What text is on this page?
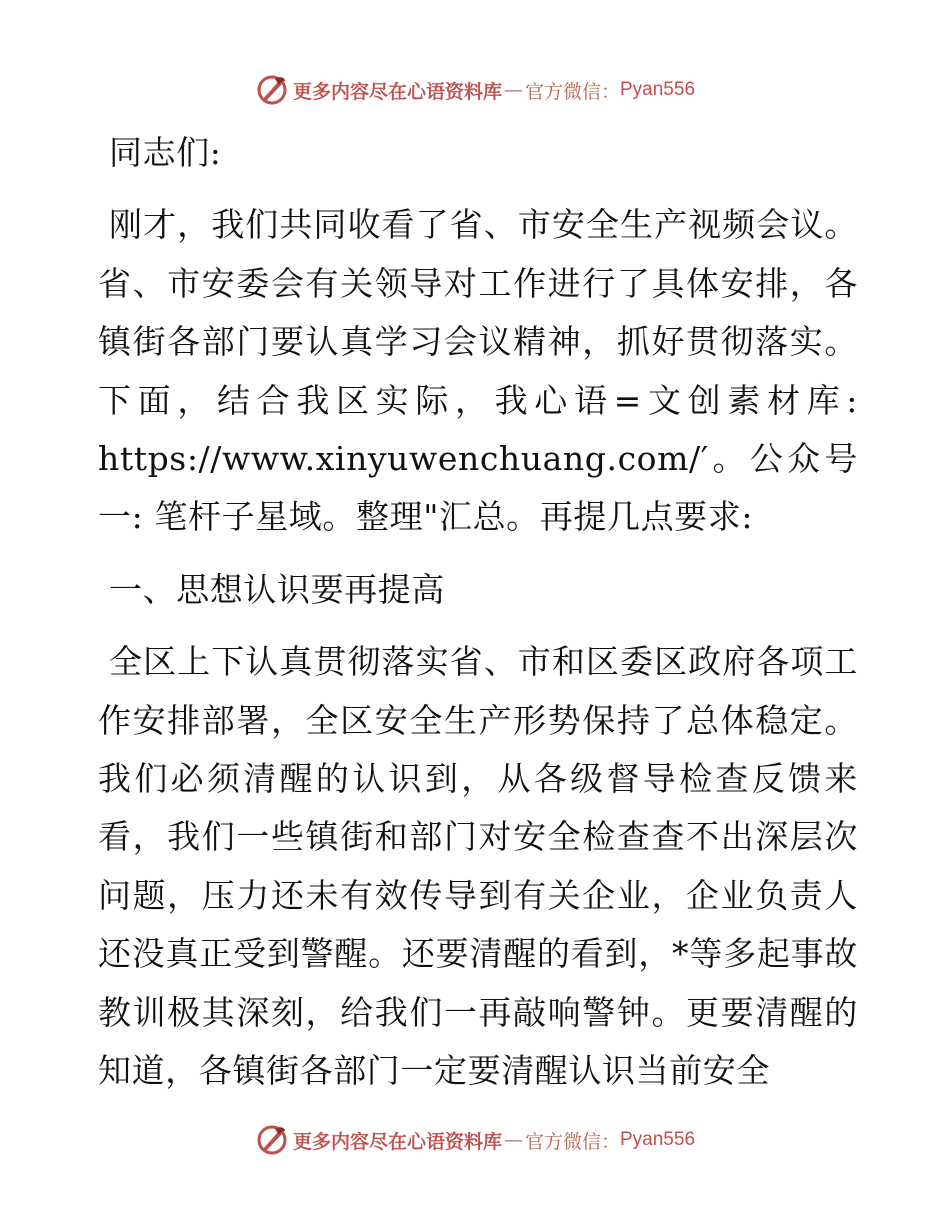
更多内容尽在心语资料库 — 官方微信： Pyan556

同志们:

刚才，我们共同收看了省、市安全生产视频会议。省、市安委会有关领导对工作进行了具体安排，各镇街各部门要认真学习会议精神，抓好贯彻落实。下面，结合我区实际，我心语=文创素材库: https://www.xinyuwenchuang.com/′。公众号一: 笔杆子星域。整理"汇总。再提几点要求:

一、思想认识要再提高

全区上下认真贯彻落实省、市和区委区政府各项工作安排部署，全区安全生产形势保持了总体稳定。我们必须清醒的认识到，从各级督导检查反馈来看，我们一些镇街和部门对安全检查查不出深层次问题，压力还未有效传导到有关企业，企业负责人还没真正受到警醒。还要清醒的看到，*等多起事故教训极其深刻，给我们一再敲响警钟。更要清醒的知道，各镇街各部门一定要清醒认识当前安全

更多内容尽在心语资料库 — 官方微信： Pyan556
